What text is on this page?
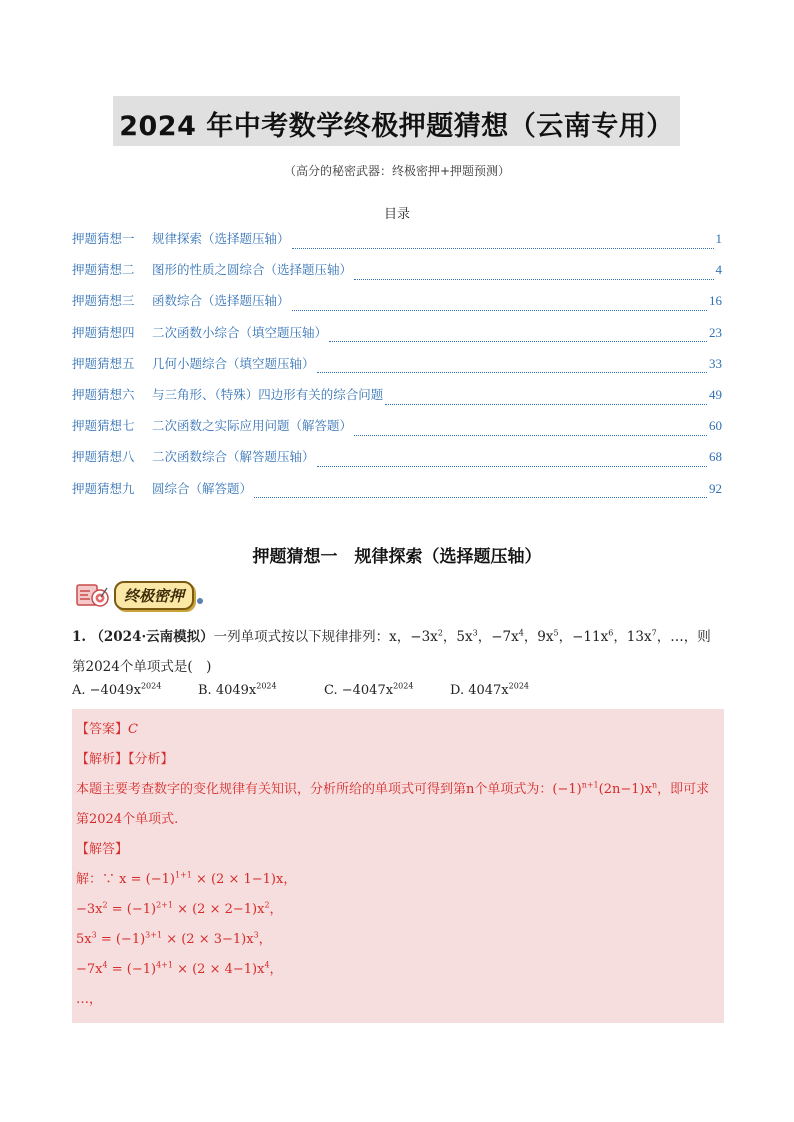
2024 年中考数学终极押题猜想（云南专用）
（高分的秘密武器：终极密押+押题预测）
目录
押题猜想一	规律探索（选择题压轴）	1
押题猜想二	图形的性质之圆综合（选择题压轴）	4
押题猜想三	函数综合（选择题压轴）	16
押题猜想四	二次函数小综合（填空题压轴）	23
押题猜想五	几何小题综合（填空题压轴）	33
押题猜想六	与三角形、（特殊）四边形有关的综合问题	49
押题猜想七	二次函数之实际应用问题（解答题）	60
押题猜想八	二次函数综合（解答题压轴）	68
押题猜想九	圆综合（解答题）	92
押题猜想一　规律探索（选择题压轴）
终极密押
1. （2024·云南模拟）一列单项式按以下规律排列：x，$-3x^2$，$5x^3$，$-7x^4$，$9x^5$，$-11x^6$，$13x^7$，…，则第2024个单项式是(　)
A. $-4049x^{2024}$	B. $4049x^{2024}$	C. $-4047x^{2024}$	D. $4047x^{2024}$
【答案】C
【解析】【分析】
本题主要考查数字的变化规律有关知识，分析所给的单项式可得到第n个单项式为：$(-1)^{n+1}(2n-1)x^n$，即可求第2024个单项式.
【解答】
解：∵ $x = (-1)^{1+1} \times (2 \times 1-1)x$，
$-3x^2 = (-1)^{2+1} \times (2 \times 2-1)x^2$，
$5x^3 = (-1)^{3+1} \times (2 \times 3-1)x^3$，
$-7x^4 = (-1)^{4+1} \times (2 \times 4-1)x^4$，
…，
